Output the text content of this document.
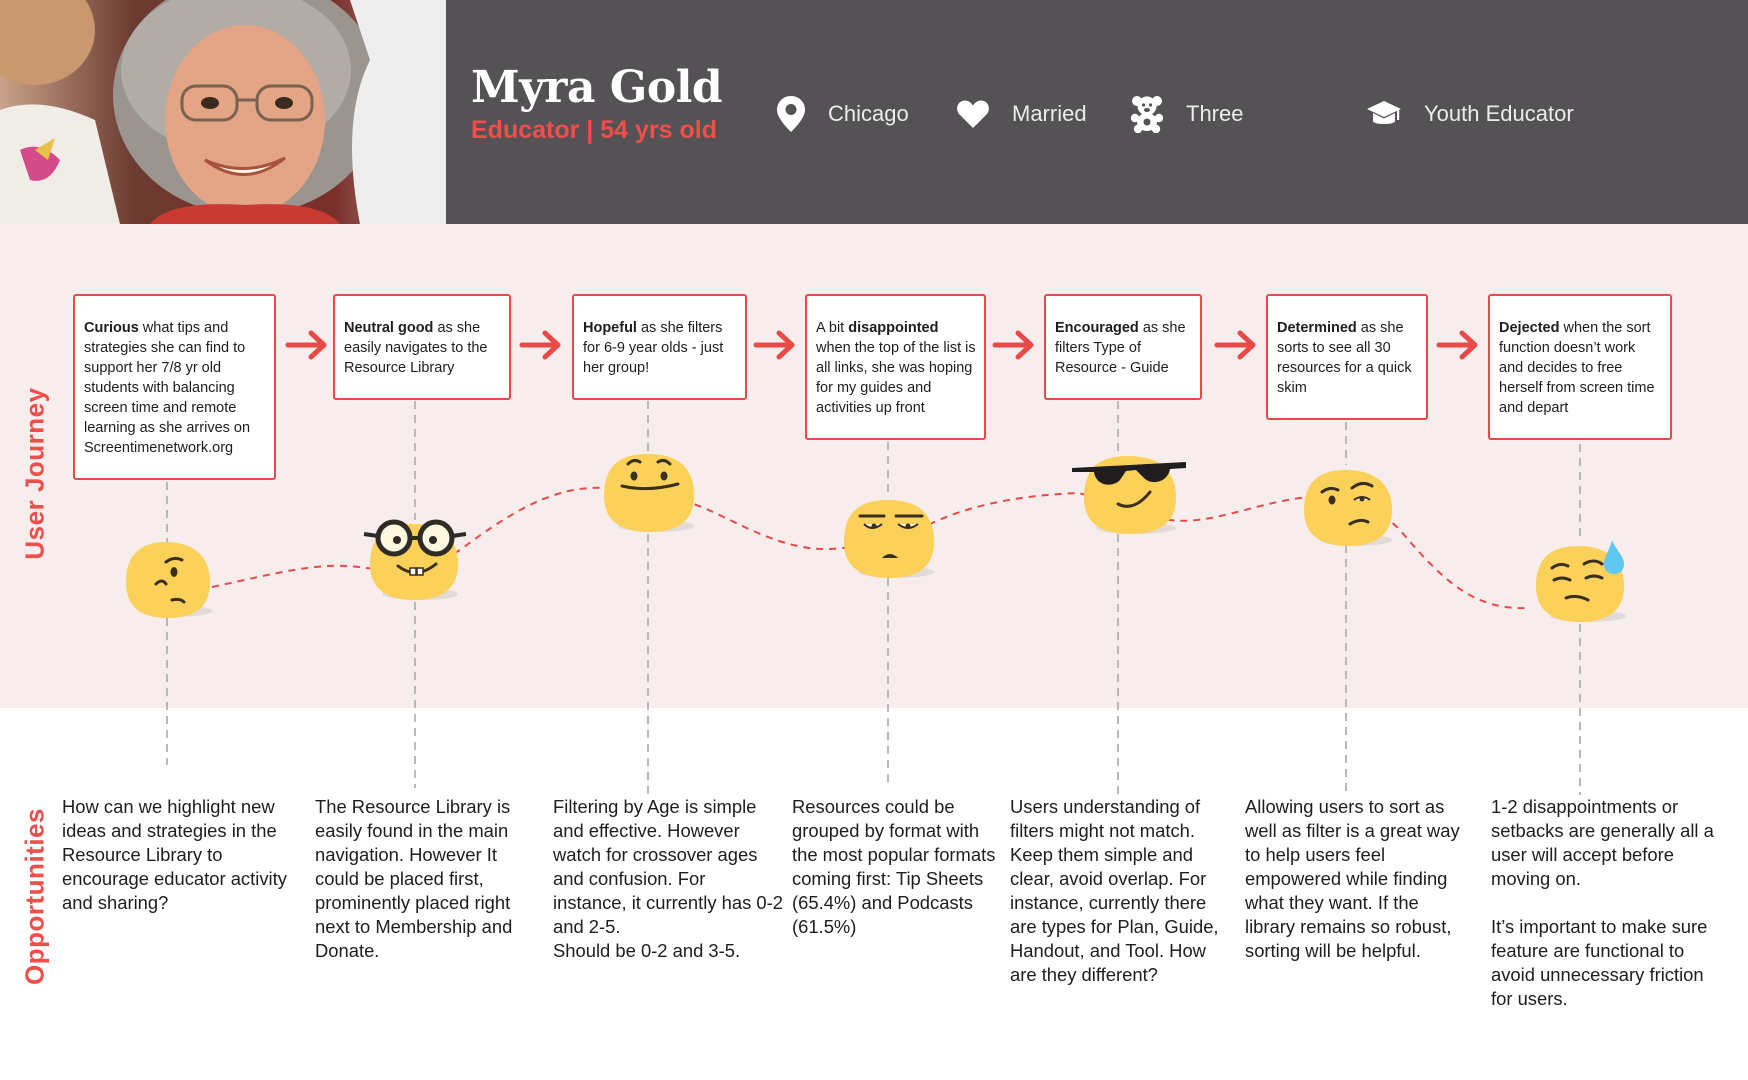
Myra Gold
Educator | 54 yrs old
Chicago	Married	Three	Youth Educator
User Journey
Opportunities
Curious what tips and strategies she can find to support her 7/8 yr old students with balancing screen time and remote learning as she arrives on Screentimenetwork.org
Neutral good as she easily navigates to the Resource Library
Hopeful as she filters for 6-9 year olds - just her group!
A bit disappointed when the top of the list is all links, she was hoping for my guides and activities up front
Encouraged as she filters Type of Resource - Guide
Determined as she sorts to see all 30 resources for a quick skim
Dejected when the sort function doesn’t work and decides to free herself from screen time and depart
How can we highlight new ideas and strategies in the Resource Library to encourage educator activity and sharing?
The Resource Library is easily found in the main navigation. However It could be placed first, prominently placed right next to Membership and Donate.
Filtering by Age is simple and effective. However watch for crossover ages and confusion. For instance, it currently has 0-2 and 2-5.
Should be 0-2 and 3-5.
Resources could be grouped by format with the most popular formats coming first: Tip Sheets (65.4%) and Podcasts (61.5%)
Users understanding of filters might not match. Keep them simple and clear, avoid overlap. For instance, currently there are types for Plan, Guide, Handout, and Tool. How are they different?
Allowing users to sort as well as filter is a great way to help users feel empowered while finding what they want. If the library remains so robust, sorting will be helpful.
1-2 disappointments or setbacks are generally all a user will accept before moving on.

It’s important to make sure feature are functional to avoid unnecessary friction for users.
